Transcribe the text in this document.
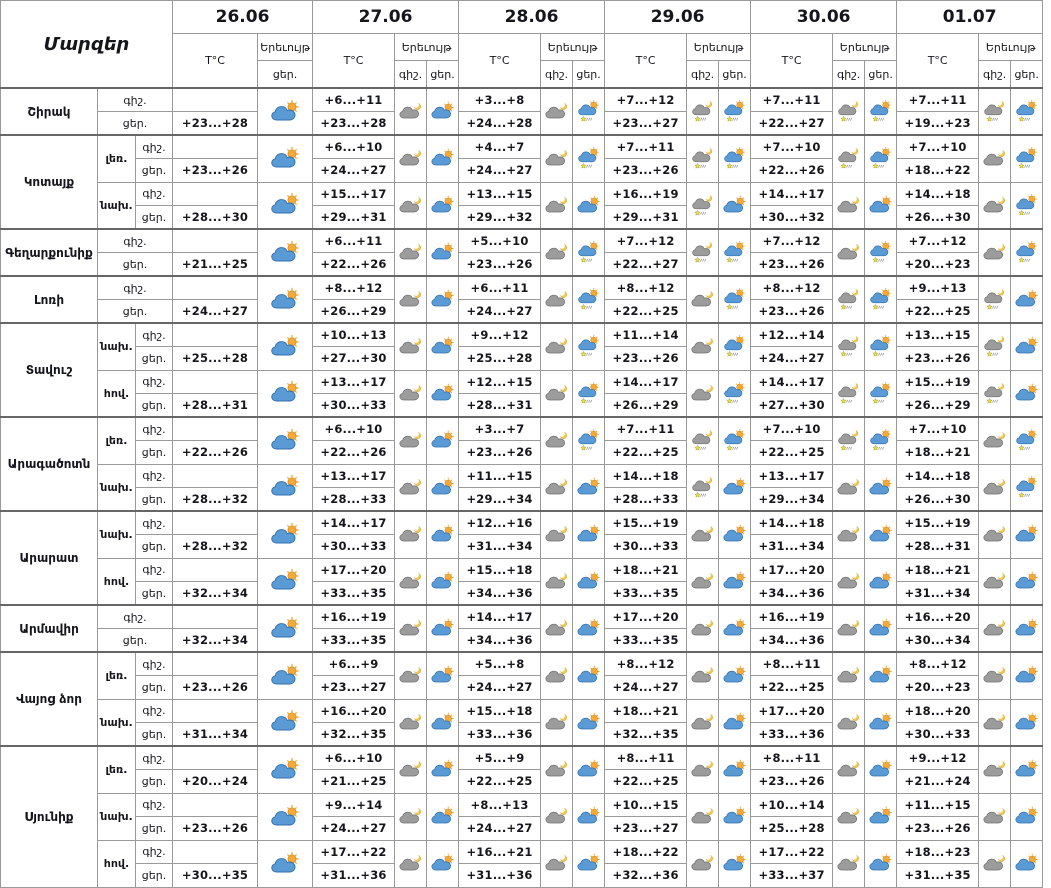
Մարզեր			26.06		27.06			28.06			29.06			30.06			01.07		
			T°C	Երեւույթ	T°C	Երեւույթ		T°C	Երեւույթ		T°C	Երեւույթ		T°C	Երեւույթ		T°C	Երեւույթ	
				ցեր.		գիշ.	ցեր.		գիշ.	ցեր.		գիշ.	ցեր.		գիշ.	ցեր.		գիշ.	ցեր.
Շիրակ	գիշ.				+6...+11			+3...+8			+7...+12			+7...+11			+7...+11	

	ցեր.		+23...+28		+23...+28			+24...+28			+23...+27			+22...+27			+19...+23		
Կոտայք	լեռ.	գիշ.			+6...+10			+4...+7			+7...+11			+7...+10			+7...+10	

		ցեր.	+23...+26		+24...+27			+24...+27			+23...+26			+22...+26			+18...+22		
	նախ.	գիշ.			+15...+17			+13...+15			+16...+19			+14...+17			+14...+18	

		ցեր.	+28...+30		+29...+31			+29...+32			+29...+31			+30...+32			+26...+30		
Գեղարքունիք	գիշ.				+6...+11			+5...+10			+7...+12			+7...+12			+7...+12	

	ցեր.		+21...+25		+22...+26			+23...+26			+22...+27			+23...+26			+20...+23		
Լոռի	գիշ.				+8...+12			+6...+11			+8...+12			+8...+12			+9...+13	

	ցեր.		+24...+27		+26...+29			+24...+27			+22...+25			+23...+26			+22...+25		
Տավուշ	նախ.	գիշ.			+10...+13			+9...+12			+11...+14			+12...+14			+13...+15	

		ցեր.	+25...+28		+27...+30			+25...+28			+23...+26			+24...+27			+23...+26		
	հով.	գիշ.			+13...+17			+12...+15			+14...+17			+14...+17			+15...+19	

		ցեր.	+28...+31		+30...+33			+28...+31			+26...+29			+27...+30			+26...+29		
Արագածոտն	լեռ.	գիշ.			+6...+10			+3...+7			+7...+11			+7...+10			+7...+10	

		ցեր.	+22...+26		+22...+26			+23...+26			+22...+25			+22...+25			+18...+21		
	նախ.	գիշ.			+13...+17			+11...+15			+14...+18			+13...+17			+14...+18	

		ցեր.	+28...+32		+28...+33			+29...+34			+28...+33			+29...+34			+26...+30		
Արարատ	նախ.	գիշ.			+14...+17			+12...+16			+15...+19			+14...+18			+15...+19	

		ցեր.	+28...+32		+30...+33			+31...+34			+30...+33			+31...+34			+28...+31		
	հով.	գիշ.			+17...+20			+15...+18			+18...+21			+17...+20			+18...+21	

		ցեր.	+32...+34		+33...+35			+34...+36			+33...+35			+34...+36			+31...+34		
Արմավիր	գիշ.				+16...+19			+14...+17			+17...+20			+16...+19			+16...+20	

	ցեր.		+32...+34		+33...+35			+34...+36			+33...+35			+34...+36			+30...+34		
Վայոց ձոր	լեռ.	գիշ.			+6...+9			+5...+8			+8...+12			+8...+11			+8...+12	

		ցեր.	+23...+26		+23...+27			+24...+27			+24...+27			+22...+25			+20...+23		
	նախ.	գիշ.			+16...+20			+15...+18			+18...+21			+17...+20			+18...+20	

		ցեր.	+31...+34		+32...+35			+33...+36			+32...+35			+33...+36			+30...+33		
Սյունիք	լեռ.	գիշ.			+6...+10			+5...+9			+8...+11			+8...+11			+9...+12	

		ցեր.	+20...+24		+21...+25			+22...+25			+22...+25			+23...+26			+21...+24		
	նախ.	գիշ.			+9...+14			+8...+13			+10...+15			+10...+14			+11...+15	

		ցեր.	+23...+26		+24...+27			+24...+27			+23...+27			+25...+28			+23...+26		
	հով.	գիշ.			+17...+22			+16...+21			+18...+22			+17...+22			+18...+23	

		ցեր.	+30...+35		+31...+36			+31...+36			+32...+36			+33...+37			+31...+35		
